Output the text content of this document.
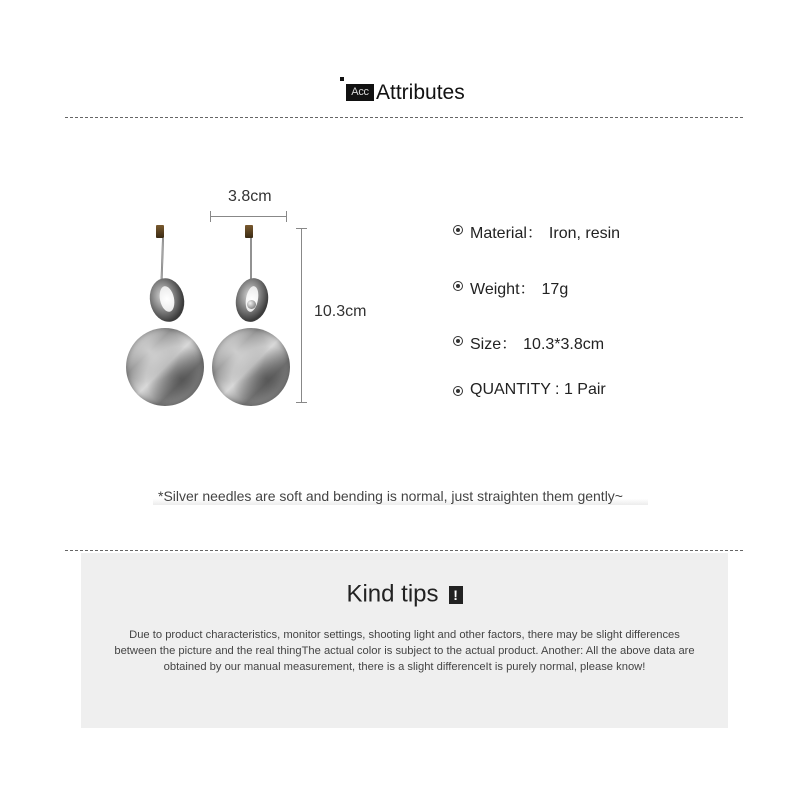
Acc Attributes
3.8cm
10.3cm
Material： Iron, resin
Weight： 17g
Size： 10.3*3.8cm
QUANTITY : 1 Pair
*Silver needles are soft and bending is normal, just straighten them gently~
Kind tips !
Due to product characteristics, monitor settings, shooting light and other factors, there may be slight differences between the picture and the real thingThe actual color is subject to the actual product. Another: All the above data are obtained by our manual measurement, there is a slight differenceIt is purely normal, please know!
